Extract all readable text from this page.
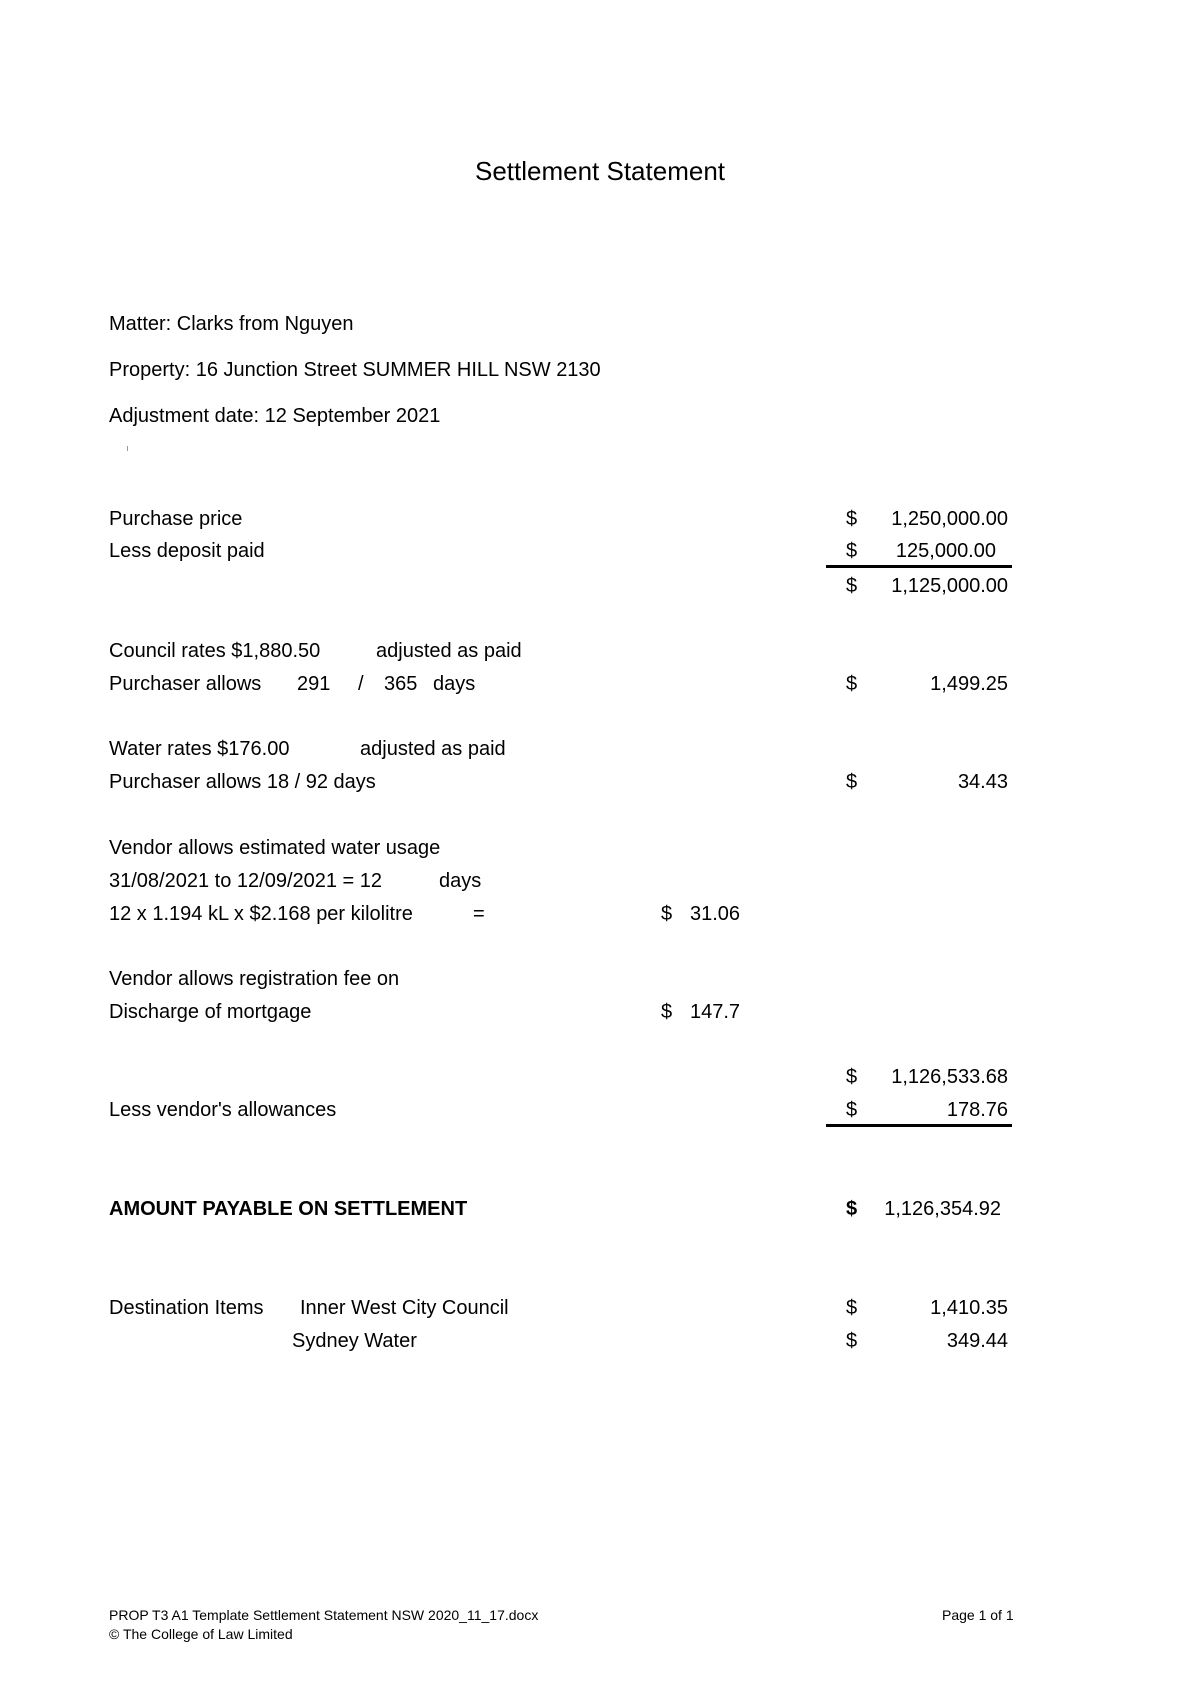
Settlement Statement
Matter: Clarks from Nguyen
Property: 16 Junction Street SUMMER HILL NSW 2130
Adjustment date: 12 September 2021
Purchase price	$	1,250,000.00
Less deposit paid	$	125,000.00
$	1,125,000.00
Council rates $1,880.50	adjusted as paid
Purchaser allows 291 / 365 days	$	1,499.25
Water rates $176.00	adjusted as paid
Purchaser allows 18 / 92 days	$	34.43
Vendor allows estimated water usage
31/08/2021 to 12/09/2021 = 12	days
12 x 1.194 kL x $2.168 per kilolitre	=	$ 31.06
Vendor allows registration fee on
Discharge of mortgage	$ 147.7
$	1,126,533.68
Less vendor's allowances	$	178.76
AMOUNT PAYABLE ON SETTLEMENT	$	1,126,354.92
Destination Items Inner West City Council	$	1,410.35
Sydney Water	$	349.44
PROP T3 A1 Template Settlement Statement NSW 2020_11_17.docx
© The College of Law Limited
Page 1 of 1
